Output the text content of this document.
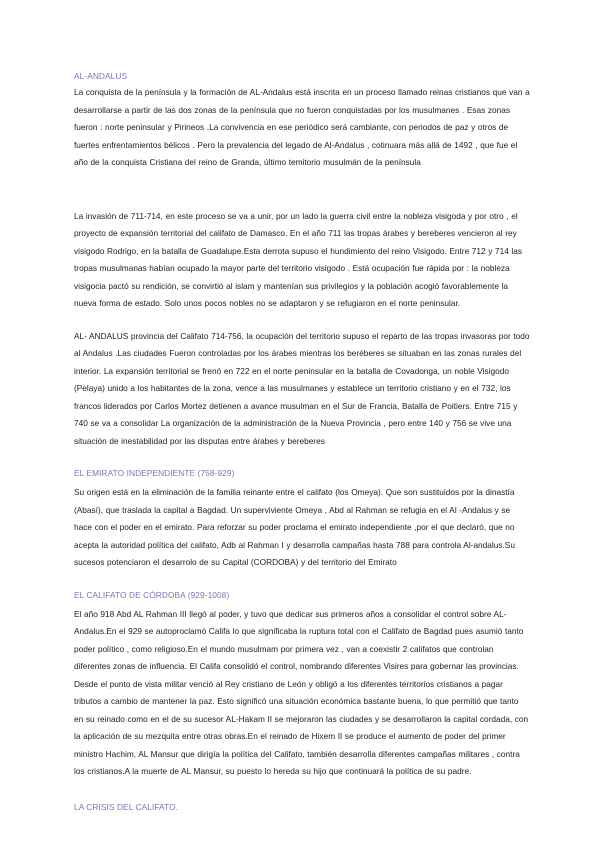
AL-ANDALUS

La conquista de la península y la formación de AL-Andalus está inscrita en un proceso llamado reinas cristianos que van a desarrollarse a partir de las dos zonas de la península que no fueron conquistadas por los musulmanes . Esas zonas fueron : norte peninsular y Pirineos .La convivencia en ese periódico será cambiante, con periodos de paz y otros de fuertes enfrentamientos bélicos . Pero la prevalencia del legado de Al-Andalus , cotinuara más allá de 1492 , que fue el año de la conquista Cristiana del reino de Granda, último temitorio musulmán de la península

La invasión de 711-714, en este proceso se va a unir, por un lado la guerra civil entre la nobleza visigoda y por otro , el proyecto de expansión territorial del califato de Damasco. En el año 711 las tropas árabes y bereberes vencieron al rey visigodo Rodrigo, en la batalla de Guadalupe.Esta derrota supuso el hundimiento del reino Visigodo. Entre 712 y 714 las tropas musulmanas habían ocupado la mayor parte del territorio visigodo . Está ocupación fue rápida por : la nobleza visigocia pactó su rendición, se convirtió al islam y mantenían sus privilegios y la población acogió favorablemente la nueva forma de estado. Solo unos pocos nobles no se adaptaron y se refugiaron en el norte peninsular.

AL- ANDALUS provincia del Califato 714-756, la ocupación del territorio supuso el reparto de las tropas invasoras por todo al Andalus .Las ciudades Fueron controladas por los árabes mientras los beréberes se situaban en las zonas rurales del interior. La expansión territorial se frenó en 722 en el norte peninsular en la batalla de Covadonga, un noble Visigodo (Pelaya) unido a los habitantes de la zona, vence a las musulmanes y establece un territorio cristiano y en el 732, los francos liderados por Carlos Mortez detienen a avance musulman en el Sur de Francia, Batalla de Poitiers. Entre 715 y 740 se va a consolidar La organización de la administración de la Nueva Provincia , pero entre 140 y 756 se vive una situación de inestabilidad por las disputas entre árabes y bereberes

EL EMIRATO INDEPENDIENTE (758-929)

Su origen está en la eliminación de la familia reinante entre el califato (los Omeya). Que son sustituidos por la dinastía (Abasí), que traslada la capital a Bagdad. Un superviviente Omeya , Abd al Rahman se refugia en el Al -Andalus y se hace con el poder en el emirato. Para reforzar su poder proclama el emirato independiente ,por el que declaró, que no acepta la autoridad política del califato, Adb al Rahman I y desarrolla campañas hasta 788 para controla Al-andalus.Su sucesos potenciaron el desarrolo de su Capital (CORDOBA) y del territorio del Emirato

EL CALIFATO DE CÓRDOBA (929-1008)

El año 918 Abd AL Rahman III llegó al poder, y tuvo que dedicar sus primeros años a consolidar el control sobre AL-Andalus.En el 929 se autoproclamó Califa lo que significaba la ruptura total con el Califato de Bagdad pues asumió tanto poder político , como religioso.En el mundo musulmam por primera vez , van a coexistir 2 califatos que controlan diferentes zonas de influencia. El Califa consolidó el control, nombrando diferentes Visires para gobernar las provincias. Desde el punto de vista militar venció al Rey cristiano de León y obligó a los diferentes territorios cristianos a pagar tributos a cambio de mantener la paz. Esto significó una situación económica bastante buena, lo que permitió que tanto en su reinado como en el de su sucesor AL-Hakam II se mejoraron las ciudades y se desarrollaron la capital cordada, con la aplicación de su mezquita entre otras obras.En el reinado de Hixem II se produce el aumento de poder del primer ministro Hachim, AL Mansur que dirigía la política del Califato, también desarrolla diferentes campañas militares , contra los cristianos.A la muerte de AL Mansur, su puesto lo hereda su hijo que continuará la política de su padre.

LA CRISIS DEL CALIFATO.
